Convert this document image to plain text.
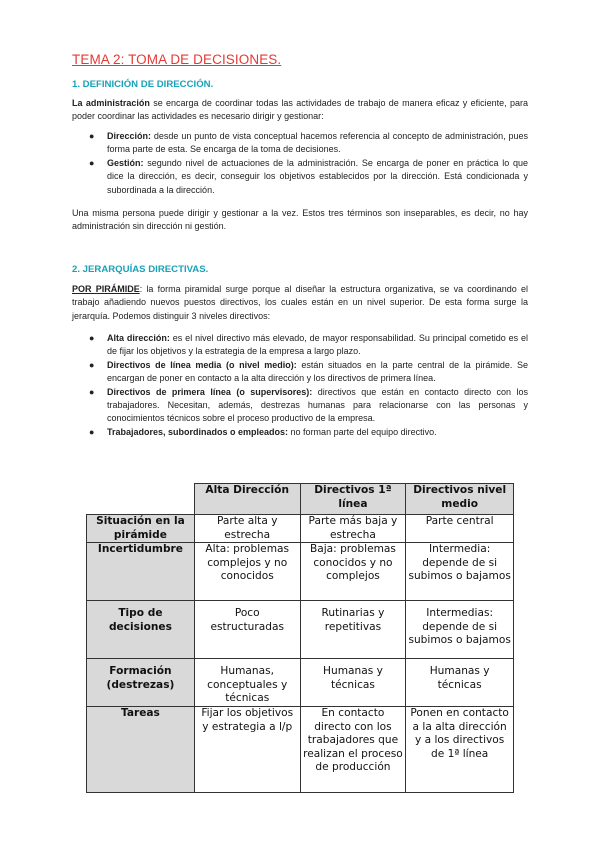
TEMA 2: TOMA DE DECISIONES.
1. DEFINICIÓN DE DIRECCIÓN.
La administración se encarga de coordinar todas las actividades de trabajo de manera eficaz y eficiente, para poder coordinar las actividades es necesario dirigir y gestionar:
● Dirección: desde un punto de vista conceptual hacemos referencia al concepto de administración, pues forma parte de esta. Se encarga de la toma de decisiones.
● Gestión: segundo nivel de actuaciones de la administración. Se encarga de poner en práctica lo que dice la dirección, es decir, conseguir los objetivos establecidos por la dirección. Está condicionada y subordinada a la dirección.
Una misma persona puede dirigir y gestionar a la vez. Estos tres términos son inseparables, es decir, no hay administración sin dirección ni gestión.
2. JERARQUÍAS DIRECTIVAS.
POR PIRÁMIDE: la forma piramidal surge porque al diseñar la estructura organizativa, se va coordinando el trabajo añadiendo nuevos puestos directivos, los cuales están en un nivel superior. De esta forma surge la jerarquía. Podemos distinguir 3 niveles directivos:
● Alta dirección: es el nivel directivo más elevado, de mayor responsabilidad. Su principal cometido es el de fijar los objetivos y la estrategia de la empresa a largo plazo.
● Directivos de línea media (o nivel medio): están situados en la parte central de la pirámide. Se encargan de poner en contacto a la alta dirección y los directivos de primera línea.
● Directivos de primera línea (o supervisores): directivos que están en contacto directo con los trabajadores. Necesitan, además, destrezas humanas para relacionarse con las personas y conocimientos técnicos sobre el proceso productivo de la empresa.
● Trabajadores, subordinados o empleados: no forman parte del equipo directivo.
	Alta Dirección	Directivos 1ª línea	Directivos nivel medio
Situación en la pirámide	Parte alta y estrecha	Parte más baja y estrecha	Parte central
Incertidumbre	Alta: problemas complejos y no conocidos	Baja: problemas conocidos y no complejos	Intermedia: depende de si subimos o bajamos
Tipo de decisiones	Poco estructuradas	Rutinarias y repetitivas	Intermedias: depende de si subimos o bajamos
Formación (destrezas)	Humanas, conceptuales y técnicas	Humanas y técnicas	Humanas y técnicas
Tareas	Fijar los objetivos y estrategia a l/p	En contacto directo con los trabajadores que realizan el proceso de producción	Ponen en contacto a la alta dirección y a los directivos de 1ª línea
